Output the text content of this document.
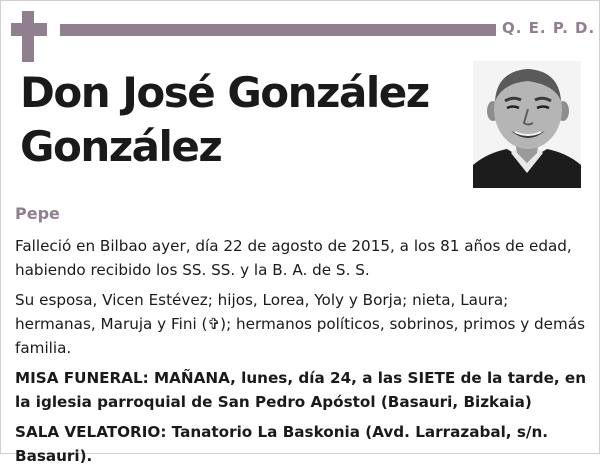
Q. E. P. D.
Don José González González
Pepe

Falleció en Bilbao ayer, día 22 de agosto de 2015, a los 81 años de edad, habiendo recibido los SS. SS. y la B. A. de S. S.

Su esposa, Vicen Estévez; hijos, Lorea, Yoly y Borja; nieta, Laura; hermanas, Maruja y Fini (✞); hermanos políticos, sobrinos, primos y demás familia.

MISA FUNERAL: MAÑANA, lunes, día 24, a las SIETE de la tarde, en la iglesia parroquial de San Pedro Apóstol (Basauri, Bizkaia)

SALA VELATORIO: Tanatorio La Baskonia (Avd. Larrazabal, s/n. Basauri).
